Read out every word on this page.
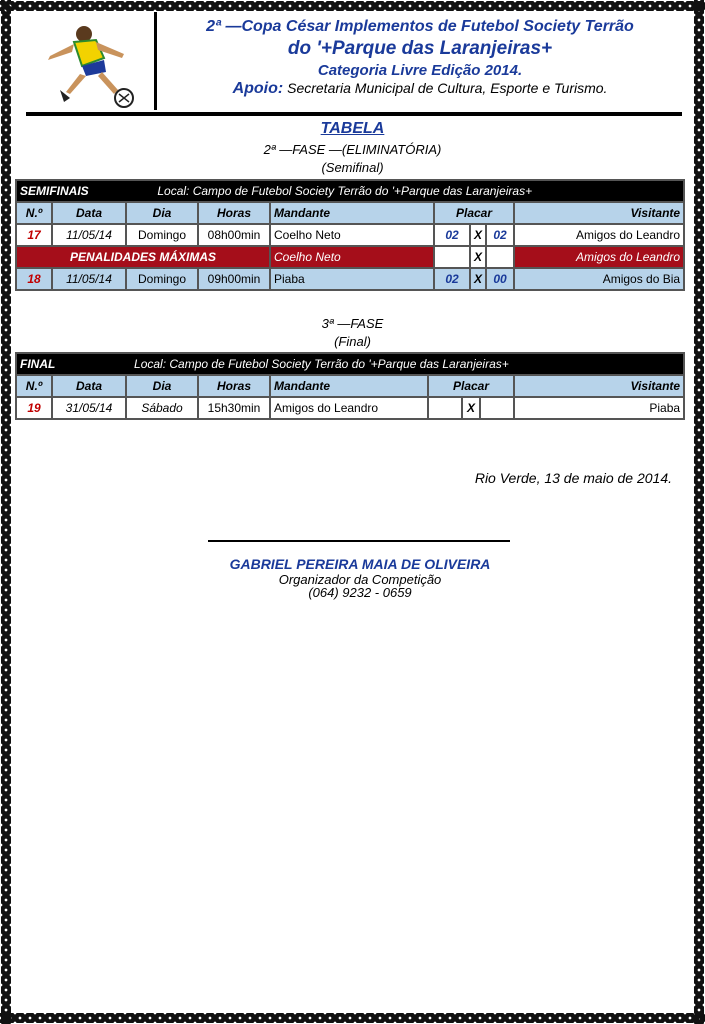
2ª —Copa César Implementos de Futebol Society Terrão
do '+Parque das Laranjeiras+
Categoria Livre Edição 2014.
Apoio: Secretaria Municipal de Cultura, Esporte e Turismo.
TABELA
2ª —FASE —(ELIMINATÓRIA)
(Semifinal)
SEMIFINAIS Local: Campo de Futebol Society Terrão do '+Parque das Laranjeiras+								
N.º	Data	Dia	Horas	Mandante	Placar			Visitante
17	11/05/14	Domingo	08h00min	Coelho Neto	02	X	02	Amigos do Leandro
PENALIDADES MÁXIMAS				Coelho Neto	02	X	03	Amigos do Leandro
18	11/05/14	Domingo	09h00min	Piaba	02	X	00	Amigos do Bia
3ª —FASE
(Final)
FINAL Local: Campo de Futebol Society Terrão do '+Parque das Laranjeiras+								
N.º	Data	Dia	Horas	Mandante	Placar			Visitante
19	31/05/14	Sábado	15h30min	Amigos do Leandro		X		Piaba
Rio Verde, 13 de maio de 2014.
GABRIEL PEREIRA MAIA DE OLIVEIRA
Organizador da Competição
(064) 9232 - 0659
